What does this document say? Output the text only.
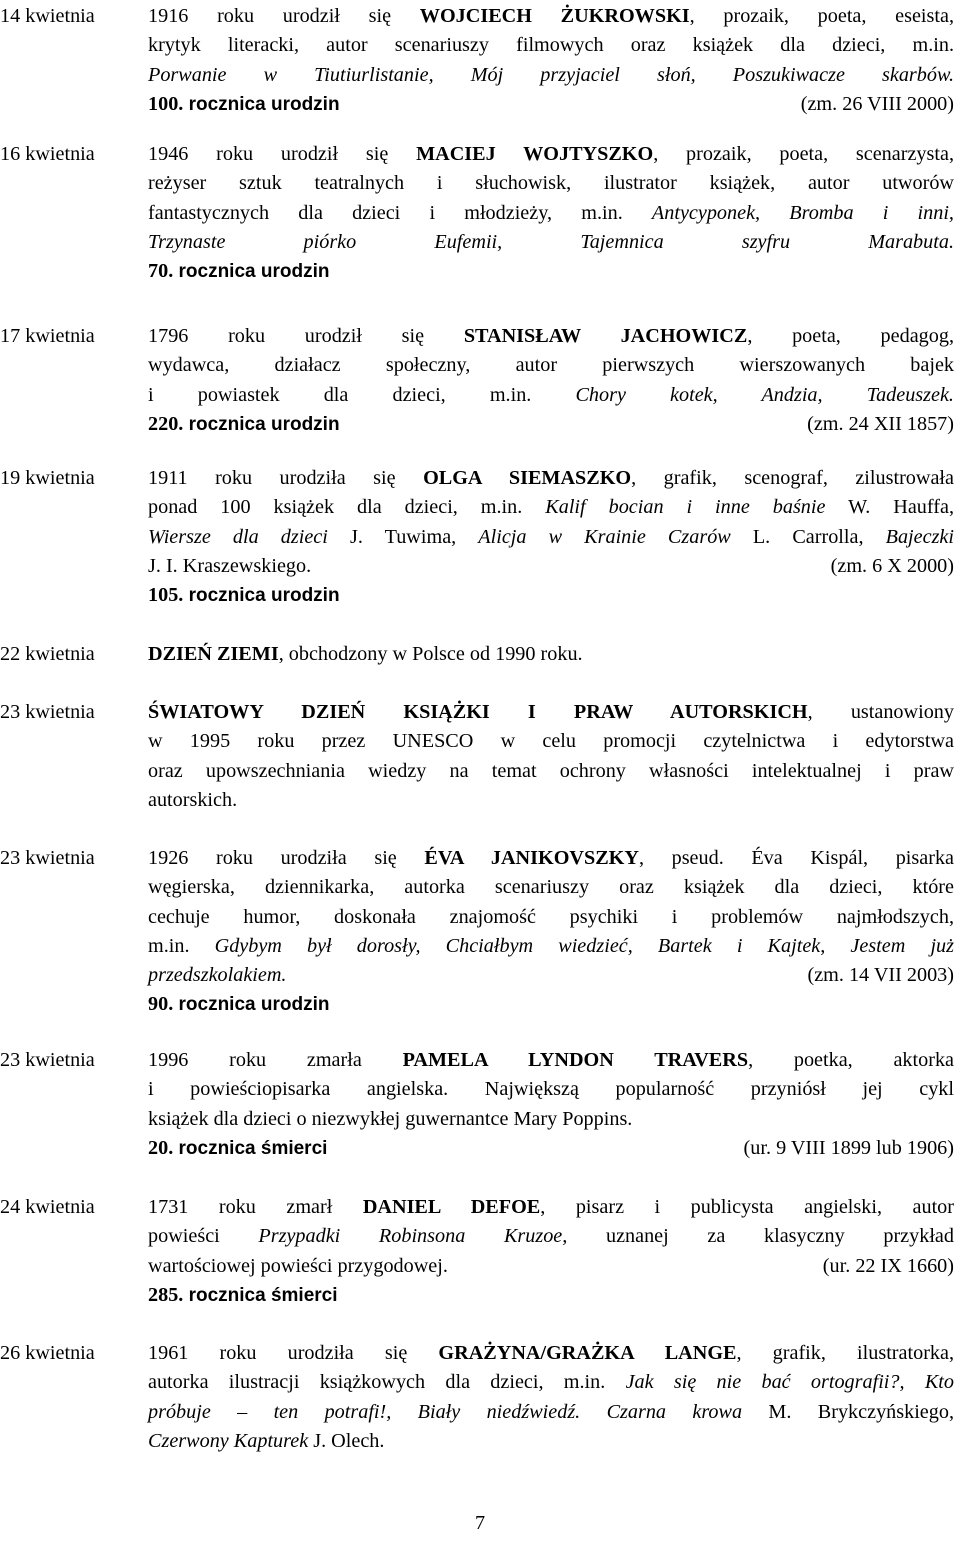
14 kwietnia	1916 roku urodził się WOJCIECH ŻUKROWSKI, prozaik, poeta, eseista,
krytyk literacki, autor scenariuszy filmowych oraz książek dla dzieci, m.in.
Porwanie w Tiutiurlistanie, Mój przyjaciel słoń, Poszukiwacze skarbów.
100. rocznica urodzin	(zm. 26 VIII 2000)
16 kwietnia	1946 roku urodził się MACIEJ WOJTYSZKO, prozaik, poeta, scenarzysta,
reżyser sztuk teatralnych i słuchowisk, ilustrator książek, autor utworów
fantastycznych dla dzieci i młodzieży, m.in. Antycyponek, Bromba i inni,
Trzynaste piórko Eufemii, Tajemnica szyfru Marabuta.
70. rocznica urodzin
17 kwietnia	1796 roku urodził się STANISŁAW JACHOWICZ, poeta, pedagog,
wydawca, działacz społeczny, autor pierwszych wierszowanych bajek
i powiastek dla dzieci, m.in. Chory kotek, Andzia, Tadeuszek.
220. rocznica urodzin	(zm. 24 XII 1857)
19 kwietnia	1911 roku urodziła się OLGA SIEMASZKO, grafik, scenograf, zilustrowała
ponad 100 książek dla dzieci, m.in. Kalif bocian i inne baśnie W. Hauffa,
Wiersze dla dzieci J. Tuwima, Alicja w Krainie Czarów L. Carrolla, Bajeczki
J. I. Kraszewskiego.	(zm. 6 X 2000)
105. rocznica urodzin
22 kwietnia	DZIEŃ ZIEMI, obchodzony w Polsce od 1990 roku.
23 kwietnia	ŚWIATOWY DZIEŃ KSIĄŻKI I PRAW AUTORSKICH, ustanowiony
w 1995 roku przez UNESCO w celu promocji czytelnictwa i edytorstwa
oraz upowszechniania wiedzy na temat ochrony własności intelektualnej i praw
autorskich.
23 kwietnia	1926 roku urodziła się ÉVA JANIKOVSZKY, pseud. Éva Kispál, pisarka
węgierska, dziennikarka, autorka scenariuszy oraz książek dla dzieci, które
cechuje humor, doskonała znajomość psychiki i problemów najmłodszych,
m.in. Gdybym był dorosły, Chciałbym wiedzieć, Bartek i Kajtek, Jestem już
przedszkolakiem.	(zm. 14 VII 2003)
90. rocznica urodzin
23 kwietnia	1996 roku zmarła PAMELA LYNDON TRAVERS, poetka, aktorka
i powieściopisarka angielska. Największą popularność przyniósł jej cykl
książek dla dzieci o niezwykłej guwernantce Mary Poppins.
20. rocznica śmierci	(ur. 9 VIII 1899 lub 1906)
24 kwietnia	1731 roku zmarł DANIEL DEFOE, pisarz i publicysta angielski, autor
powieści Przypadki Robinsona Kruzoe, uznanej za klasyczny przykład
wartościowej powieści przygodowej.	(ur. 22 IX 1660)
285. rocznica śmierci
26 kwietnia	1961 roku urodziła się GRAŻYNA/GRAŻKA LANGE, grafik, ilustratorka,
autorka ilustracji książkowych dla dzieci, m.in. Jak się nie bać ortografii?, Kto
próbuje – ten potrafi!, Biały niedźwiedź. Czarna krowa M. Brykczyńskiego,
Czerwony Kapturek J. Olech.
7
